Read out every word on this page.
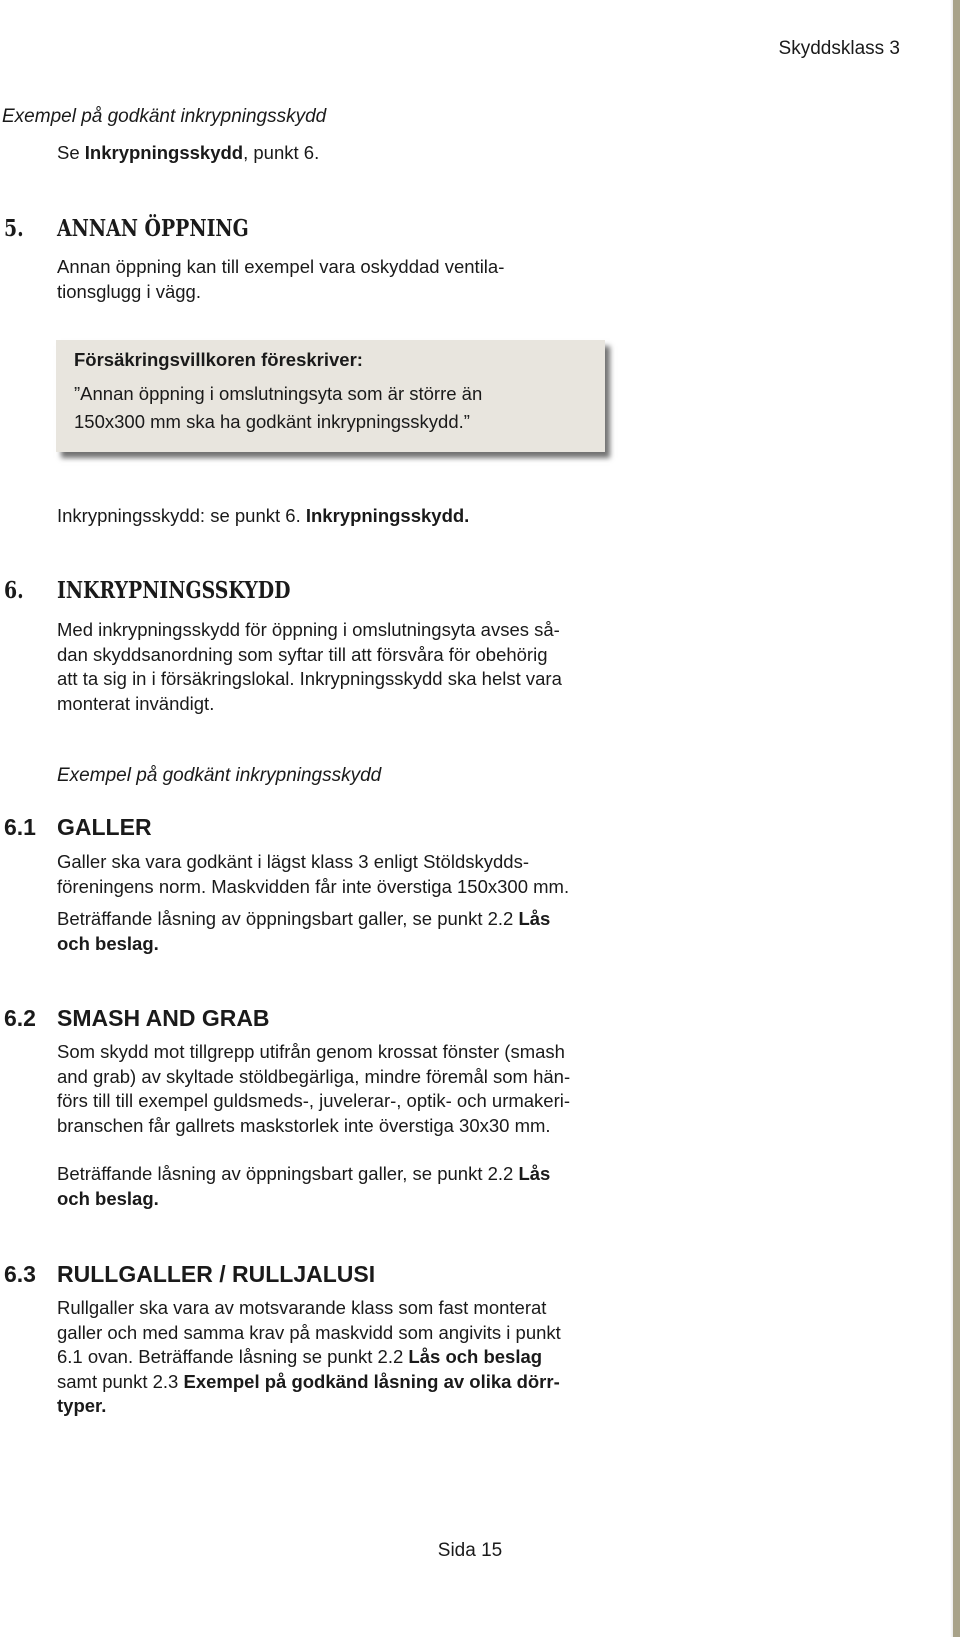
Skyddsklass 3
Exempel på godkänt inkrypningsskydd
Se Inkrypningsskydd, punkt 6.
5. ANNAN ÖPPNING

Annan öppning kan till exempel vara oskyddad ventila-

tionsglugg i vägg.

Försäkringsvillkoren föreskriver:
”Annan öppning i omslutningsyta som är större än
150x300 mm ska ha godkänt inkrypningsskydd.”
Inkrypningsskydd: se punkt 6. Inkrypningsskydd.
6. INKRYPNINGSSKYDD

Med inkrypningsskydd för öppning i omslutningsyta avses så-

dan skyddsanordning som syftar till att försvåra för obehörig

att ta sig in i försäkringslokal. Inkrypningsskydd ska helst vara

monterat invändigt.

Exempel på godkänt inkrypningsskydd
6.1 GALLER

Galler ska vara godkänt i lägst klass 3 enligt Stöldskydds-

föreningens norm. Maskvidden får inte överstiga 150x300 mm.

Beträffande låsning av öppningsbart galler, se punkt 2.2 Lås

och beslag.

6.2 SMASH AND GRAB

Som skydd mot tillgrepp utifrån genom krossat fönster (smash

and grab) av skyltade stöldbegärliga, mindre föremål som hän-

förs till till exempel guldsmeds-, juvelerar-, optik- och urmakeri-

branschen får gallrets maskstorlek inte överstiga 30x30 mm.

Beträffande låsning av öppningsbart galler, se punkt 2.2 Lås

och beslag.

6.3 RULLGALLER / RULLJALUSI

Rullgaller ska vara av motsvarande klass som fast monterat

galler och med samma krav på maskvidd som angivits i punkt

6.1 ovan. Beträffande låsning se punkt 2.2 Lås och beslag

samt punkt 2.3 Exempel på godkänd låsning av olika dörr-

typer.

Sida 15
